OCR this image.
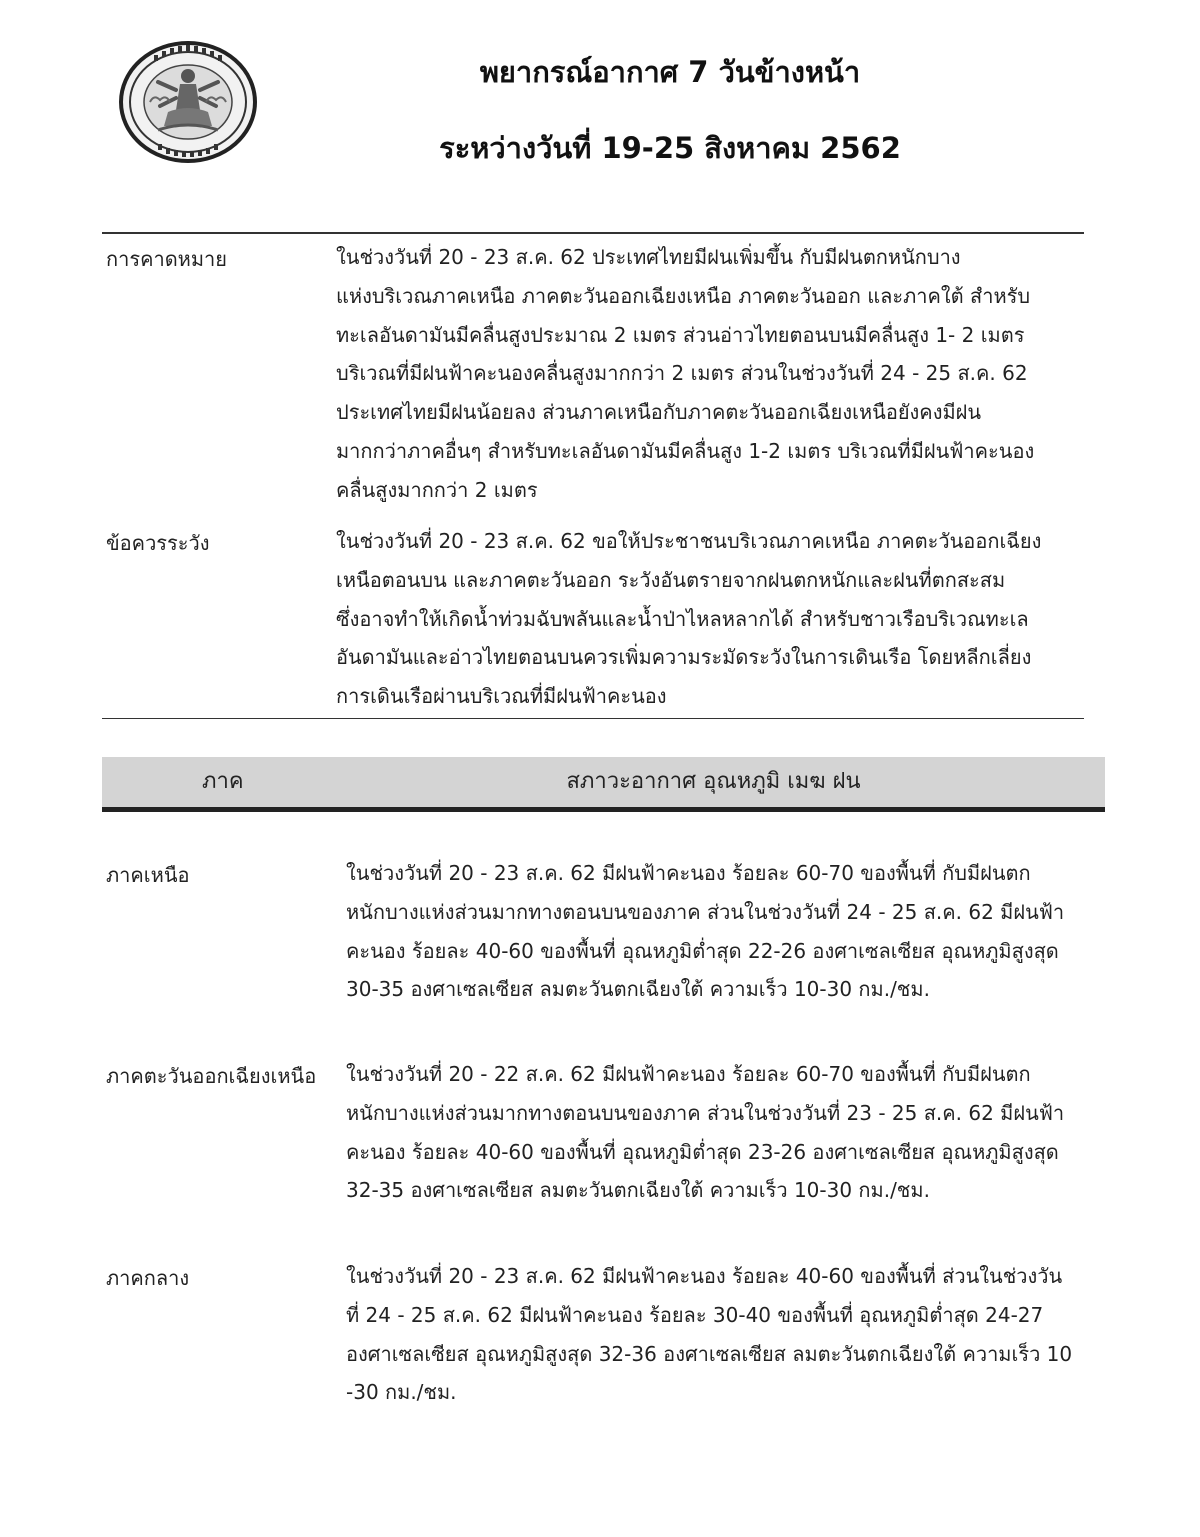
พยากรณ์อากาศ 7 วันข้างหน้า
ระหว่างวันที่ 19-25 สิงหาคม 2562
การคาดหมาย	ในช่วงวันที่ 20 - 23 ส.ค. 62 ประเทศไทยมีฝนเพิ่มขึ้น กับมีฝนตกหนักบาง
แห่งบริเวณภาคเหนือ ภาคตะวันออกเฉียงเหนือ ภาคตะวันออก และภาคใต้ สำหรับ
ทะเลอันดามันมีคลื่นสูงประมาณ 2 เมตร ส่วนอ่าวไทยตอนบนมีคลื่นสูง 1- 2 เมตร
บริเวณที่มีฝนฟ้าคะนองคลื่นสูงมากกว่า 2 เมตร ส่วนในช่วงวันที่ 24 - 25 ส.ค. 62
ประเทศไทยมีฝนน้อยลง ส่วนภาคเหนือกับภาคตะวันออกเฉียงเหนือยังคงมีฝน
มากกว่าภาคอื่นๆ สำหรับทะเลอันดามันมีคลื่นสูง 1-2 เมตร บริเวณที่มีฝนฟ้าคะนอง
คลื่นสูงมากกว่า 2 เมตร
ข้อควรระวัง	ในช่วงวันที่ 20 - 23 ส.ค. 62 ขอให้ประชาชนบริเวณภาคเหนือ ภาคตะวันออกเฉียง
เหนือตอนบน และภาคตะวันออก ระวังอันตรายจากฝนตกหนักและฝนที่ตกสะสม
ซึ่งอาจทำให้เกิดน้ำท่วมฉับพลันและน้ำป่าไหลหลากได้ สำหรับชาวเรือบริเวณทะเล
อันดามันและอ่าวไทยตอนบนควรเพิ่มความระมัดระวังในการเดินเรือ โดยหลีกเลี่ยง
การเดินเรือผ่านบริเวณที่มีฝนฟ้าคะนอง
ภาค	สภาวะอากาศ อุณหภูมิ เมฆ ฝน
ภาคเหนือ	ในช่วงวันที่ 20 - 23 ส.ค. 62 มีฝนฟ้าคะนอง ร้อยละ 60-70 ของพื้นที่ กับมีฝนตก
หนักบางแห่งส่วนมากทางตอนบนของภาค ส่วนในช่วงวันที่ 24 - 25 ส.ค. 62 มีฝนฟ้า
คะนอง ร้อยละ 40-60 ของพื้นที่ อุณหภูมิต่ำสุด 22-26 องศาเซลเซียส อุณหภูมิสูงสุด
30-35 องศาเซลเซียส ลมตะวันตกเฉียงใต้ ความเร็ว 10-30 กม./ชม.
ภาคตะวันออกเฉียงเหนือ ในช่วงวันที่ 20 - 22 ส.ค. 62 มีฝนฟ้าคะนอง ร้อยละ 60-70 ของพื้นที่ กับมีฝนตก
หนักบางแห่งส่วนมากทางตอนบนของภาค ส่วนในช่วงวันที่ 23 - 25 ส.ค. 62 มีฝนฟ้า
คะนอง ร้อยละ 40-60 ของพื้นที่ อุณหภูมิต่ำสุด 23-26 องศาเซลเซียส อุณหภูมิสูงสุด
32-35 องศาเซลเซียส ลมตะวันตกเฉียงใต้ ความเร็ว 10-30 กม./ชม.
ภาคกลาง	ในช่วงวันที่ 20 - 23 ส.ค. 62 มีฝนฟ้าคะนอง ร้อยละ 40-60 ของพื้นที่ ส่วนในช่วงวัน
ที่ 24 - 25 ส.ค. 62 มีฝนฟ้าคะนอง ร้อยละ 30-40 ของพื้นที่ อุณหภูมิต่ำสุด 24-27
องศาเซลเซียส อุณหภูมิสูงสุด 32-36 องศาเซลเซียส ลมตะวันตกเฉียงใต้ ความเร็ว 10
-30 กม./ชม.
